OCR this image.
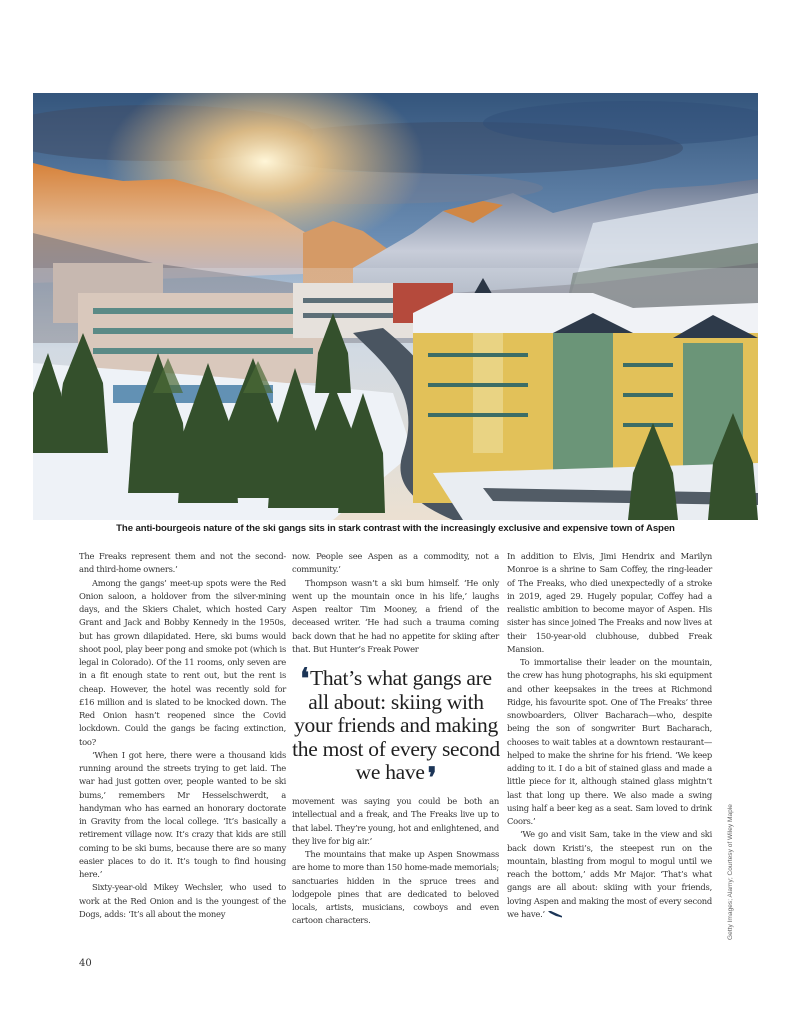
The anti-bourgeois nature of the ski gangs sits in stark contrast with the increasingly exclusive and expensive town of Aspen

The Freaks represent them and not the second- and third-home owners.’

Among the gangs’ meet-up spots were the Red Onion saloon, a holdover from the silver-mining days, and the Skiers Chalet, which hosted Cary Grant and Jack and Bobby Kennedy in the 1950s, but has grown dilapidated. Here, ski bums would shoot pool, play beer pong and smoke pot (which is legal in Colorado). Of the 11 rooms, only seven are in a fit enough state to rent out, but the rent is cheap. However, the hotel was recently sold for £16 million and is slated to be knocked down. The Red Onion hasn’t reopened since the Covid lockdown. Could the gangs be facing extinction, too?

‘When I got here, there were a thousand kids running around the streets trying to get laid. The war had just gotten over, people wanted to be ski bums,’ remembers Mr Hesselschwerdt, a handyman who has earned an honorary doctorate in Gravity from the local college. ‘It’s basically a retirement village now. It’s crazy that kids are still coming to be ski bums, because there are so many easier places to do it. It’s tough to find housing here.’

Sixty-year-old Mikey Wechsler, who used to work at the Red Onion and is the youngest of the Dogs, adds: ‘It’s all about the money

now. People see Aspen as a commodity, not a community.’

Thompson wasn’t a ski bum himself. ‘He only went up the mountain once in his life,’ laughs Aspen realtor Tim Mooney, a friend of the deceased writer. ‘He had such a trauma coming back down that he had no appetite for skiing after that. But Hunter’s Freak Power

❛That’s what gangs are all about: skiing with your friends and making the most of every second we have ❜

movement was saying you could be both an intellectual and a freak, and The Freaks live up to that label. They’re young, hot and enlightened, and they live for big air.’

The mountains that make up Aspen Snowmass are home to more than 150 home-made memorials; sanctuaries hidden in the spruce trees and lodgepole pines that are dedicated to beloved locals, artists, musicians, cowboys and even cartoon characters.

In addition to Elvis, Jimi Hendrix and Marilyn Monroe is a shrine to Sam Coffey, the ring-leader of The Freaks, who died unexpectedly of a stroke in 2019, aged 29. Hugely popular, Coffey had a realistic ambition to become mayor of Aspen. His sister has since joined The Freaks and now lives at their 150-year-old clubhouse, dubbed Freak Mansion.

To immortalise their leader on the mountain, the crew has hung photographs, his ski equipment and other keepsakes in the trees at Richmond Ridge, his favourite spot. One of The Freaks’ three snowboarders, Oliver Bacharach—who, despite being the son of songwriter Burt Bacharach, chooses to wait tables at a downtown restaurant—helped to make the shrine for his friend. ‘We keep adding to it. I do a bit of stained glass and made a little piece for it, although stained glass mightn’t last that long up there. We also made a swing using half a beer keg as a seat. Sam loved to drink Coors.’

‘We go and visit Sam, take in the view and ski back down Kristi’s, the steepest run on the mountain, blasting from mogul to mogul until we reach the bottom,’ adds Mr Major. ‘That’s what gangs are all about: skiing with your friends, loving Aspen and making the most of every second we have.’	Getty Images; Alamy; Courtesy of Wiley Maple
40
